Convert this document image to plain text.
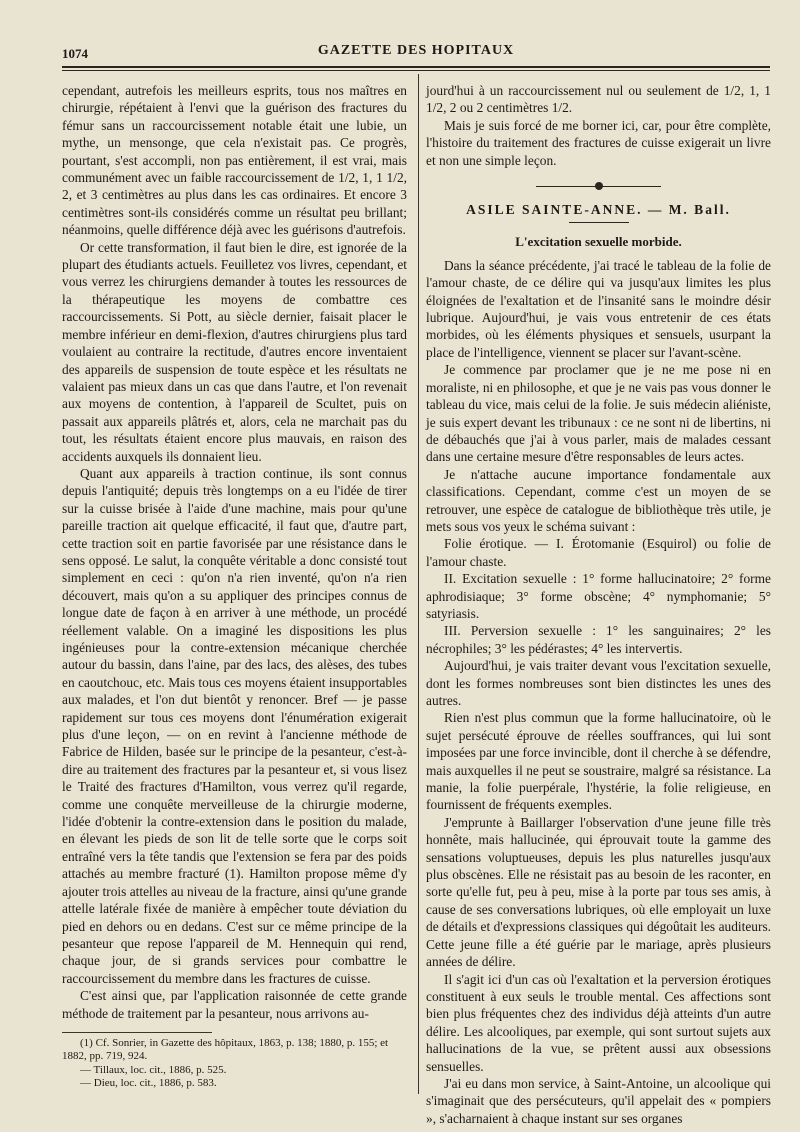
1074	GAZETTE DES HOPITAUX

cependant, autrefois les meilleurs esprits, tous nos maîtres en chirurgie, répétaient à l'envi que la guérison des fractures du fémur sans un raccourcissement notable était une lubie, un mythe, un mensonge, que cela n'existait pas. Ce progrès, pourtant, s'est accompli, non pas entièrement, il est vrai, mais communément avec un faible raccourcissement de 1/2, 1, 1 1/2, 2, et 3 centimètres au plus dans les cas ordinaires. Et encore 3 centimètres sont-ils considérés comme un résultat peu brillant; néanmoins, quelle différence déjà avec les guérisons d'autrefois.

Or cette transformation, il faut bien le dire, est ignorée de la plupart des étudiants actuels. Feuilletez vos livres, cependant, et vous verrez les chirurgiens demander à toutes les ressources de la thérapeutique les moyens de combattre ces raccourcissements. Si Pott, au siècle dernier, faisait placer le membre inférieur en demi-flexion, d'autres chirurgiens plus tard voulaient au contraire la rectitude, d'autres encore inventaient des appareils de suspension de toute espèce et les résultats ne valaient pas mieux dans un cas que dans l'autre, et l'on revenait aux moyens de contention, à l'appareil de Scultet, puis on passait aux appareils plâtrés et, alors, cela ne marchait pas du tout, les résultats étaient encore plus mauvais, en raison des accidents auxquels ils donnaient lieu.

Quant aux appareils à traction continue, ils sont connus depuis l'antiquité; depuis très longtemps on a eu l'idée de tirer sur la cuisse brisée à l'aide d'une machine, mais pour qu'une pareille traction ait quelque efficacité, il faut que, d'autre part, cette traction soit en partie favorisée par une résistance dans le sens opposé. Le salut, la conquête véritable a donc consisté tout simplement en ceci : qu'on n'a rien inventé, qu'on n'a rien découvert, mais qu'on a su appliquer des principes connus de longue date de façon à en arriver à une méthode, un procédé réellement valable. On a imaginé les dispositions les plus ingénieuses pour la contre-extension mécanique cherchée autour du bassin, dans l'aine, par des lacs, des alèses, des tubes en caoutchouc, etc. Mais tous ces moyens étaient insupportables aux malades, et l'on dut bientôt y renoncer. Bref — je passe rapidement sur tous ces moyens dont l'énumération exigerait plus d'une leçon, — on en revint à l'ancienne méthode de Fabrice de Hilden, basée sur le principe de la pesanteur, c'est-à-dire au traitement des fractures par la pesanteur et, si vous lisez le Traité des fractures d'Hamilton, vous verrez qu'il regarde, comme une conquête merveilleuse de la chirurgie moderne, l'idée d'obtenir la contre-extension dans le position du malade, en élevant les pieds de son lit de telle sorte que le corps soit entraîné vers la tête tandis que l'extension se fera par des poids attachés au membre fracturé (1). Hamilton propose même d'y ajouter trois attelles au niveau de la fracture, ainsi qu'une grande attelle latérale fixée de manière à empêcher toute déviation du pied en dehors ou en dedans. C'est sur ce même principe de la pesanteur que repose l'appareil de M. Hennequin qui rend, chaque jour, de si grands services pour combattre le raccourcissement du membre dans les fractures de cuisse.

C'est ainsi que, par l'application raisonnée de cette grande méthode de traitement par la pesanteur, nous arrivons au-

(1) Cf. Sonrier, in Gazette des hôpitaux, 1863, p. 138; 1880, p. 155; et 1882, pp. 719, 924.

— Tillaux, loc. cit., 1886, p. 525.

— Dieu, loc. cit., 1886, p. 583.

jourd'hui à un raccourcissement nul ou seulement de 1/2, 1, 1 1/2, 2 ou 2 centimètres 1/2.

Mais je suis forcé de me borner ici, car, pour être complète, l'histoire du traitement des fractures de cuisse exigerait un livre et non une simple leçon.

ASILE SAINTE-ANNE. — M. Ball.
L'excitation sexuelle morbide.

Dans la séance précédente, j'ai tracé le tableau de la folie de l'amour chaste, de ce délire qui va jusqu'aux limites les plus éloignées de l'exaltation et de l'insanité sans le moindre désir lubrique. Aujourd'hui, je vais vous entretenir de ces états morbides, où les éléments physiques et sensuels, usurpant la place de l'intelligence, viennent se placer sur l'avant-scène.

Je commence par proclamer que je ne me pose ni en moraliste, ni en philosophe, et que je ne vais pas vous donner le tableau du vice, mais celui de la folie. Je suis médecin aliéniste, je suis expert devant les tribunaux : ce ne sont ni de libertins, ni de débauchés que j'ai à vous parler, mais de malades cessant dans une certaine mesure d'être responsables de leurs actes.

Je n'attache aucune importance fondamentale aux classifications. Cependant, comme c'est un moyen de se retrouver, une espèce de catalogue de bibliothèque très utile, je mets sous vos yeux le schéma suivant :

Folie érotique. — I. Érotomanie (Esquirol) ou folie de l'amour chaste.

II. Excitation sexuelle : 1° forme hallucinatoire; 2° forme aphrodisiaque; 3° forme obscène; 4° nymphomanie; 5° satyriasis.

III. Perversion sexuelle : 1° les sanguinaires; 2° les nécrophiles; 3° les pédérastes; 4° les intervertis.

Aujourd'hui, je vais traiter devant vous l'excitation sexuelle, dont les formes nombreuses sont bien distinctes les unes des autres.

Rien n'est plus commun que la forme hallucinatoire, où le sujet persécuté éprouve de réelles souffrances, qui lui sont imposées par une force invincible, dont il cherche à se défendre, mais auxquelles il ne peut se soustraire, malgré sa résistance. La manie, la folie puerpérale, l'hystérie, la folie religieuse, en fournissent de fréquents exemples.

J'emprunte à Baillarger l'observation d'une jeune fille très honnête, mais hallucinée, qui éprouvait toute la gamme des sensations voluptueuses, depuis les plus naturelles jusqu'aux plus obscènes. Elle ne résistait pas au besoin de les raconter, en sorte qu'elle fut, peu à peu, mise à la porte par tous ses amis, à cause de ses conversations lubriques, où elle employait un luxe de détails et d'expressions classiques qui dégoûtait les auditeurs. Cette jeune fille a été guérie par le mariage, après plusieurs années de délire.

Il s'agit ici d'un cas où l'exaltation et la perversion érotiques constituent à eux seuls le trouble mental. Ces affections sont bien plus fréquentes chez des individus déjà atteints d'un autre délire. Les alcooliques, par exemple, qui sont surtout sujets aux hallucinations de la vue, se prêtent aussi aux obsessions sensuelles.

J'ai eu dans mon service, à Saint-Antoine, un alcoolique qui s'imaginait que des persécuteurs, qu'il appelait des « pompiers », s'acharnaient à chaque instant sur ses organes
